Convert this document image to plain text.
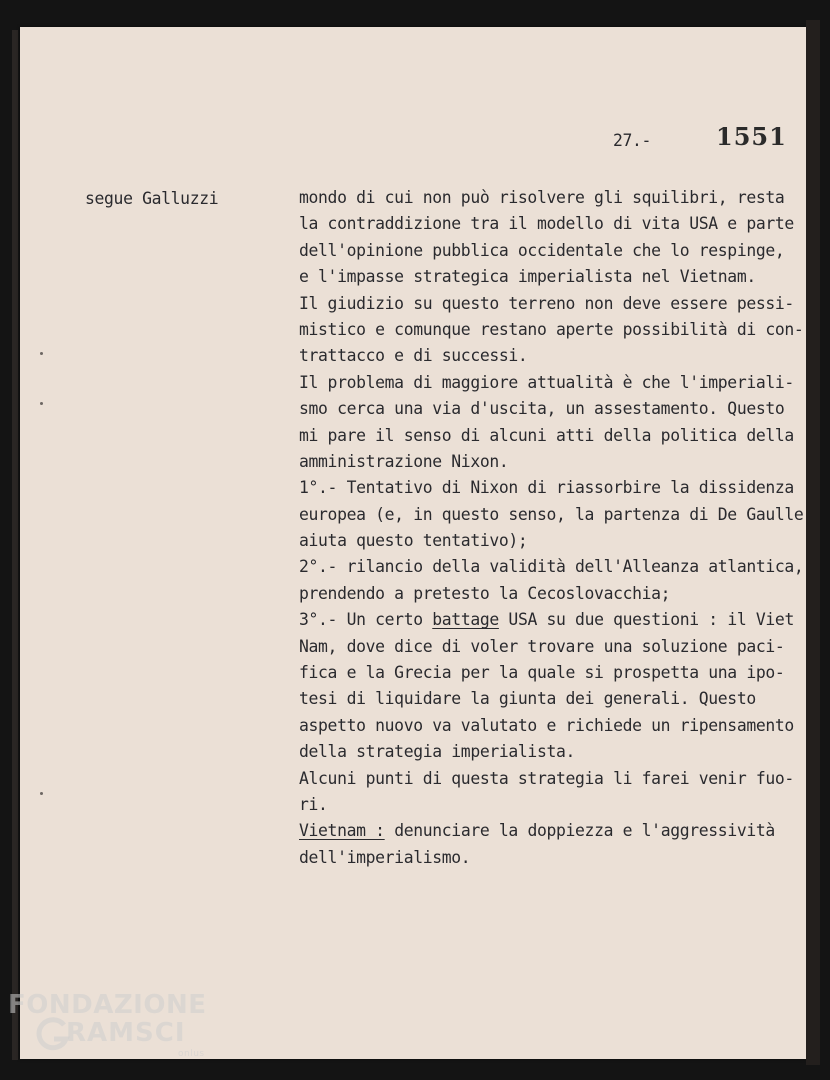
27.-	1551
segue Galluzzi	mondo di cui non può risolvere gli squilibri, resta
la contraddizione tra il modello di vita USA e parte
dell'opinione pubblica occidentale che lo respinge,
e l'impasse strategica imperialista nel Vietnam.
Il giudizio su questo terreno non deve essere pessi-
mistico e comunque restano aperte possibilità di con-
trattacco e di successi.
Il problema di maggiore attualità è che l'imperiali-
smo cerca una via d'uscita, un assestamento. Questo
mi pare il senso di alcuni atti della politica della
amministrazione Nixon.
1°.- Tentativo di Nixon di riassorbire la dissidenza
europea (e, in questo senso, la partenza di De Gaulle
aiuta questo tentativo);
2°.- rilancio della validità dell'Alleanza atlantica,
prendendo a pretesto la Cecoslovacchia;
3°.- Un certo battage USA su due questioni : il Viet
Nam, dove dice di voler trovare una soluzione paci-
fica e la Grecia per la quale si prospetta una ipo-
tesi di liquidare la giunta dei generali. Questo
aspetto nuovo va valutato e richiede un ripensamento
della strategia imperialista.
Alcuni punti di questa strategia li farei venir fuo-
ri.
Vietnam : denunciare la doppiezza e l'aggressività
dell'imperialismo.
FONDAZIONE
RAMSCI
onlus
